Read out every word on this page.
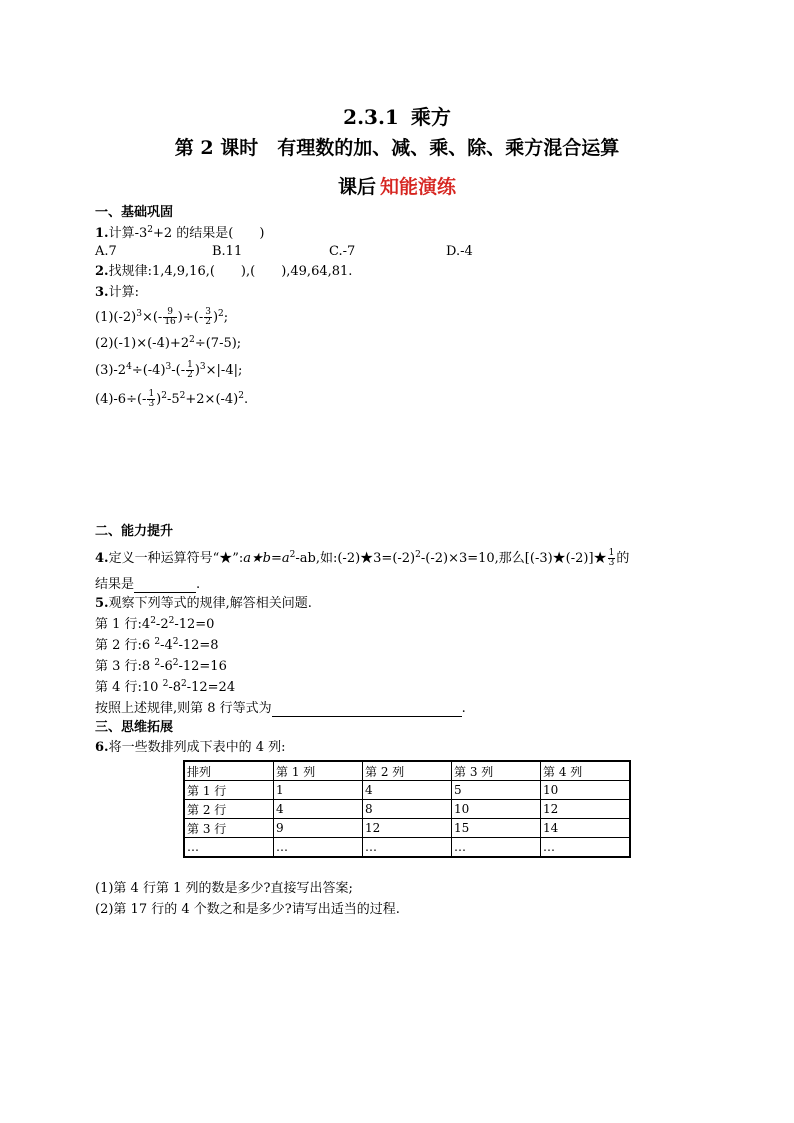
2.3.1 乘方
第 2 课时　有理数的加、减、乘、除、乘方混合运算
课后 知能演练
一、基础巩固
1.计算$-3^2+2$ 的结果是(　　)
A.7	B.11	C.-7	D.-4
2.找规律:1,4,9,16,(　　),(　　),49,64,81.
3.计算:
$(1)(-2)^3\times(- \frac{9}{16}$ )÷(- $\frac{3}{2} )^2$;
$(2)(-1)\times(-4)+2^2\div(7-5)$;
$(3)-2^4\div(-4)^3-(- \frac{1}{2} )^3\times|-4|$;
$(4)-6\div(- \frac{1}{3} )^2-5^2+2\times(-4)^2$.
二、能力提升
4.定义一种运算符号“$★”:a★b=a^2-ab$,如$:(-2)★3=(-2)^2-(-2)\times 3=10$,那么[(-3)★(-2)]★ $\frac{1}{3}$ 的
结果是	.
5.观察下列等式的规律,解答相关问题.
第 1 行$:4^2-2^2-12=0$
第 2 行:6 $^2-4^2-12=8$
第 3 行:8 $^2-6^2-12=16$
第 4 行:10 $^2-8^2-12=24$
按照上述规律,则第 8 行等式为	.
三、思维拓展
6.将一些数排列成下表中的 4 列:
排列	第 1 列	第 2 列	第 3 列	第 4 列
第 1 行	1	4	5	10
第 2 行	4	8	10	12
第 3 行	9	12	15	14
…	…	…	…	…
(1)第 4 行第 1 列的数是多少?直接写出答案;
(2)第 17 行的 4 个数之和是多少?请写出适当的过程.
